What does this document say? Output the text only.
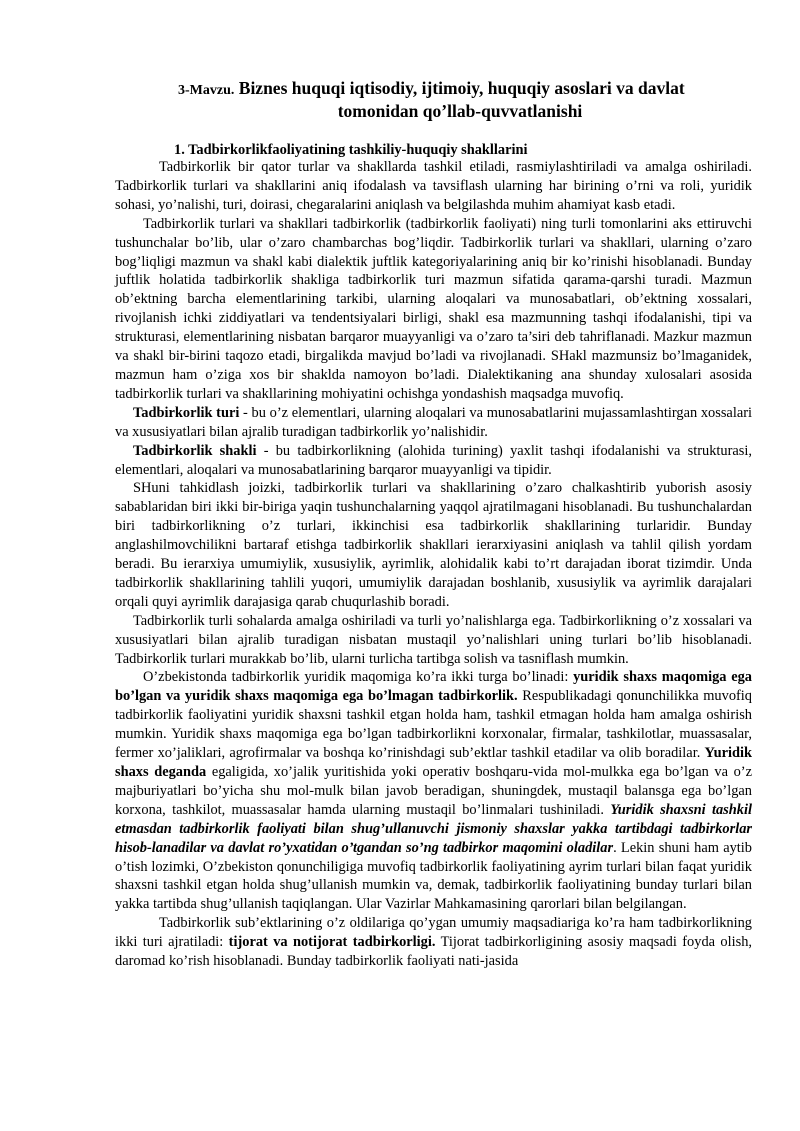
3-Mavzu. Biznes huquqi iqtisodiy, ijtimoiy, huquqiy asoslari va davlat
tomonidan qo’llab-quvvatlanishi
1. Tadbirkorlikfaoliyatining tashkiliy-huquqiy shakllarini

Tadbirkorlik bir qator turlar va shakllarda tashkil etiladi, rasmiylashtiriladi va amalga oshiriladi. Tadbirkorlik turlari va shakllarini aniq ifodalash va tavsiflash ularning har birining o’rni va roli, yuridik sohasi, yo’nalishi, turi, doirasi, chegaralarini aniqlash va belgilashda muhim ahamiyat kasb etadi.

Tadbirkorlik turlari va shakllari tadbirkorlik (tadbirkorlik faoliyati) ning turli tomonlarini aks ettiruvchi tushunchalar bo’lib, ular o’zaro chambarchas bog’liqdir. Tadbirkorlik turlari va shakllari, ularning o’zaro bog’liqligi mazmun va shakl kabi dialektik juftlik kategoriyalarining aniq bir ko’rinishi hisoblanadi. Bunday juftlik holatida tadbirkorlik shakliga tadbirkorlik turi mazmun sifatida qarama-qarshi turadi. Mazmun ob’ektning barcha elementlarining tarkibi, ularning aloqalari va munosabatlari, ob’ektning xossalari, rivojlanish ichki ziddiyatlari va tendentsiyalari birligi, shakl esa mazmunning tashqi ifodalanishi, tipi va strukturasi, elementlarining nisbatan barqaror muayyanligi va o’zaro ta’siri deb tahriflanadi. Mazkur mazmun va shakl bir-birini taqozo etadi, birgalikda mavjud bo’ladi va rivojlanadi. SHakl mazmunsiz bo’lmaganidek, mazmun ham o’ziga xos bir shaklda namoyon bo’ladi. Dialektikaning ana shunday xulosalari asosida tadbirkorlik turlari va shakllarining mohiyatini ochishga yondashish maqsadga muvofiq.

Tadbirkorlik turi - bu o’z elementlari, ularning aloqalari va munosabatlarini mujassamlashtirgan xossalari va xususiyatlari bilan ajralib turadigan tadbirkorlik yo’nalishidir.

Tadbirkorlik shakli - bu tadbirkorlikning (alohida turining) yaxlit tashqi ifodalanishi va strukturasi, elementlari, aloqalari va munosabatlarining barqaror muayyanligi va tipidir.

SHuni tahkidlash joizki, tadbirkorlik turlari va shakllarining o’zaro chalkashtirib yuborish asosiy sabablaridan biri ikki bir-biriga yaqin tushunchalarning yaqqol ajratilmagani hisoblanadi. Bu tushunchalardan biri tadbirkorlikning o’z turlari, ikkinchisi esa tadbirkorlik shakllarining turlaridir. Bunday anglashilmovchilikni bartaraf etishga tadbirkorlik shakllari ierarxiyasini aniqlash va tahlil qilish yordam beradi. Bu ierarxiya umumiylik, xususiylik, ayrimlik, alohidalik kabi to’rt darajadan iborat tizimdir. Unda tadbirkorlik shakllarining tahlili yuqori, umumiylik darajadan boshlanib, xususiylik va ayrimlik darajalari orqali quyi ayrimlik darajasiga qarab chuqurlashib boradi.

Tadbirkorlik turli sohalarda amalga oshiriladi va turli yo’nalishlarga ega. Tadbirkorlikning o’z xossalari va xususiyatlari bilan ajralib turadigan nisbatan mustaqil yo’nalishlari uning turlari bo’lib hisoblanadi. Tadbirkorlik turlari murakkab bo’lib, ularni turlicha tartibga solish va tasniflash mumkin.

O’zbekistonda tadbirkorlik yuridik maqomiga ko’ra ikki turga bo’linadi: yuridik shaxs maqomiga ega bo’lgan va yuridik shaxs maqomiga ega bo’lmagan tadbirkorlik. Respublikadagi qonunchilikka muvofiq tadbirkorlik faoliyatini yuridik shaxsni tashkil etgan holda ham, tashkil etmagan holda ham amalga oshirish mumkin. Yuridik shaxs maqomiga ega bo’lgan tadbirkorlikni korxonalar, firmalar, tashkilotlar, muassasalar, fermer xo’jaliklari, agrofirmalar va boshqa ko’rinishdagi sub’ektlar tashkil etadilar va olib boradilar. Yuridik shaxs deganda egaligida, xo’jalik yuritishida yoki operativ boshqaru-vida mol-mulkka ega bo’lgan va o’z majburiyatlari bo’yicha shu mol-mulk bilan javob beradigan, shuningdek, mustaqil balansga ega bo’lgan korxona, tashkilot, muassasalar hamda ularning mustaqil bo’linmalari tushiniladi. Yuridik shaxsni tashkil etmasdan tadbirkorlik faoliyati bilan shug’ullanuvchi jismoniy shaxslar yakka tartibdagi tadbirkorlar hisob-lanadilar va davlat ro’yxatidan o’tgandan so’ng tadbirkor maqomini oladilar. Lekin shuni ham aytib o’tish lozimki, O’zbekiston qonunchiligiga muvofiq tadbirkorlik faoliyatining ayrim turlari bilan faqat yuridik shaxsni tashkil etgan holda shug’ullanish mumkin va, demak, tadbirkorlik faoliyatining bunday turlari bilan yakka tartibda shug’ullanish taqiqlangan. Ular Vazirlar Mahkamasining qarorlari bilan belgilangan.

Tadbirkorlik sub’ektlarining o’z oldilariga qo’ygan umumiy maqsadiariga ko’ra ham tadbirkorlikning ikki turi ajratiladi: tijorat va notijorat tadbirkorligi. Tijorat tadbirkorligining asosiy maqsadi foyda olish, daromad ko’rish hisoblanadi. Bunday tadbirkorlik faoliyati nati-jasida
